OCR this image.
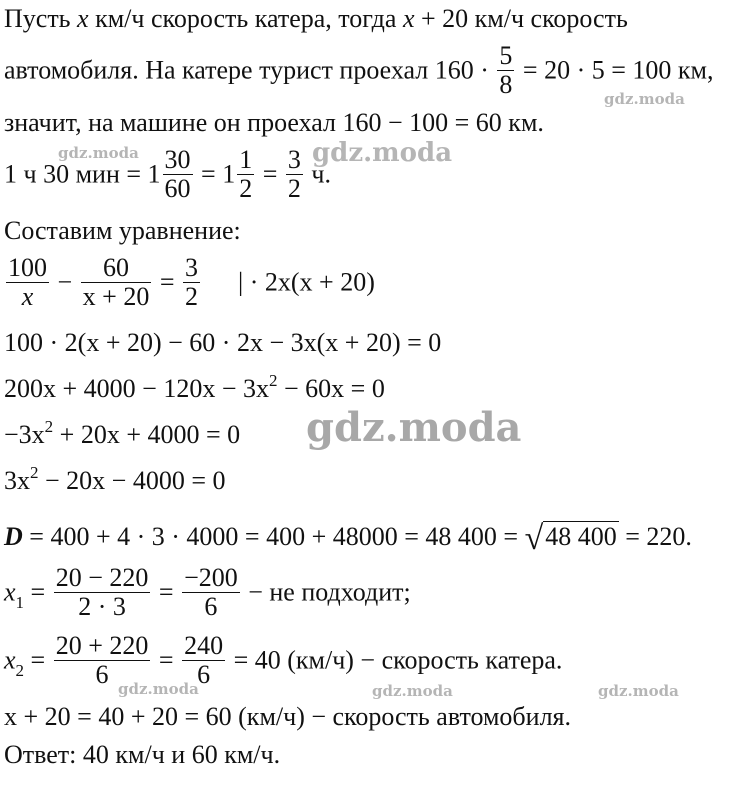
Пусть x км/ч скорость катера, тогда x + 20 км/ч скорость
автомобиля. На катере турист проехал $160 \cdot \frac{5}{8} = 20 \cdot 5 = 100$ км,
значит, на машине он проехал 160 − 100 = 60 км.
1 ч 30 мин = $1 \frac{30}{60} = 1 \frac{1}{2} = \frac{3}{2} ч$.
Составим уравнение:
$\frac{100}{x} - \frac{60}{x + 20} = \frac{3}{2}$ | · 2x(x + 20)
100 · 2(x + 20) − 60 · 2x − 3x(x + 20) = 0
$200x + 4000 - 120x - 3x^2 - 60x = 0$
$-3x^2 + 20x + 4000 = 0$
$3x^2 - 20x - 4000 = 0$
D = 400 + 4 · 3 · 4000 = 400 + 48000 = 48 400 = √48 400 = 220.
$x_1 = \frac{20 - 220}{2 \cdot 3} = \frac{-200}{6}$ − не подходит;
$x_2 = \frac{20 + 220}{6} = \frac{240}{6} = 40$ (км/ч) − скорость катера.
x + 20 = 40 + 20 = 60 (км/ч) − скорость автомобиля.
Ответ: 40 км/ч и 60 км/ч.
gdz.moda
gdz.moda	gdz.moda
gdz.moda
gdz.moda	gdz.moda	gdz.moda
